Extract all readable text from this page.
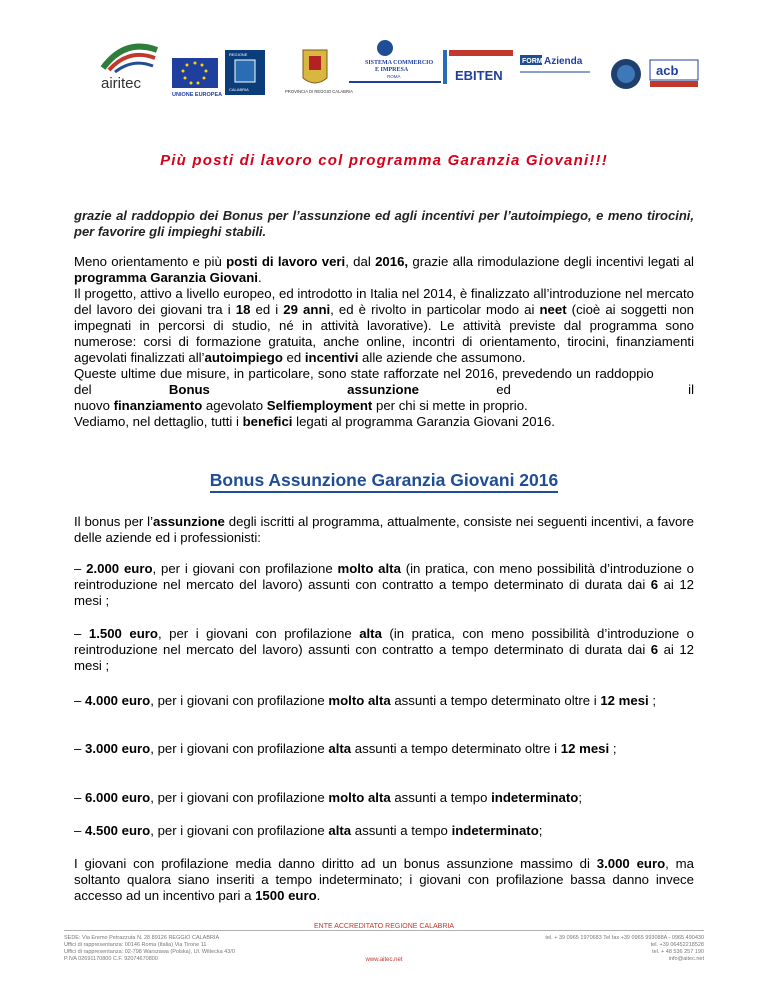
airitec
UNIONE EUROPEA
REGIONE
CALABRIA	PROVINCIA DI REGGIO CALABRIA
SISTEMA COMMERCIO
E IMPRESA
ROMA	EBITEN
FORM Azienda
acb
Più posti di lavoro col programma Garanzia Giovani!!!
grazie al raddoppio dei Bonus per l’assunzione ed agli incentivi per l’autoimpiego, e meno tirocini, per favorire gli impieghi stabili.
Meno orientamento e più posti di lavoro veri, dal 2016, grazie alla rimodulazione degli incentivi legati al programma Garanzia Giovani.
Il progetto, attivo a livello europeo, ed introdotto in Italia nel 2014, è finalizzato all’introduzione nel mercato del lavoro dei giovani tra i 18 ed i 29 anni, ed è rivolto in particolar modo ai neet (cioè ai soggetti non impegnati in percorsi di studio, né in attività lavorative). Le attività previste dal programma sono numerose: corsi di formazione gratuita, anche online, incontri di orientamento, tirocini, finanziamenti agevolati finalizzati all’autoimpiego ed incentivi alle aziende che assumono.
Queste ultime due misure, in particolare, sono state rafforzate nel 2016, prevedendo un raddoppio del	Bonus	assunzione	ed	il
nuovo finanziamento agevolato Selfiemployment per chi si mette in proprio.
Vediamo, nel dettaglio, tutti i benefici legati al programma Garanzia Giovani 2016.
Bonus Assunzione Garanzia Giovani 2016
Il bonus per l’assunzione degli iscritti al programma, attualmente, consiste nei seguenti incentivi, a favore delle aziende ed i professionisti:
– 2.000 euro, per i giovani con profilazione molto alta (in pratica, con meno possibilità d’introduzione o reintroduzione nel mercato del lavoro) assunti con contratto a tempo determinato di durata dai 6 ai 12 mesi ;
– 1.500 euro, per i giovani con profilazione alta (in pratica, con meno possibilità d’introduzione o reintroduzione nel mercato del lavoro) assunti con contratto a tempo determinato di durata dai 6 ai 12 mesi ;
– 4.000 euro, per i giovani con profilazione molto alta assunti a tempo determinato oltre i 12 mesi ;
– 3.000 euro, per i giovani con profilazione alta assunti a tempo determinato oltre i 12 mesi ;
– 6.000 euro, per i giovani con profilazione molto alta assunti a tempo indeterminato;
– 4.500 euro, per i giovani con profilazione alta assunti a tempo indeterminato;
I giovani con profilazione media danno diritto ad un bonus assunzione massimo di 3.000 euro, ma soltanto qualora siano inseriti a tempo indeterminato; i giovani con profilazione bassa danno invece accesso ad un incentivo pari a 1500 euro.
ENTE ACCREDITATO REGIONE CALABRIA
SEDE: Via Eremo Petrazzuta N. 28 89126 REGGIO CALABRIA
Uffici di rappresentanza: 00146 Roma (Italia) Via Tirone 11
Uffici di rappresentanza: 02-798 Warszawa (Polska), Ul. Wiltecka 43/0
P.IVA 02691170800 C.F. 92074670800
tel. + 39 0965 1970683 Tel fax +39 0965 993088A - 0965 490430
tel. +39 06452218528
tel. + 48 536 257 190
info@aitec.net
www.aitec.net
